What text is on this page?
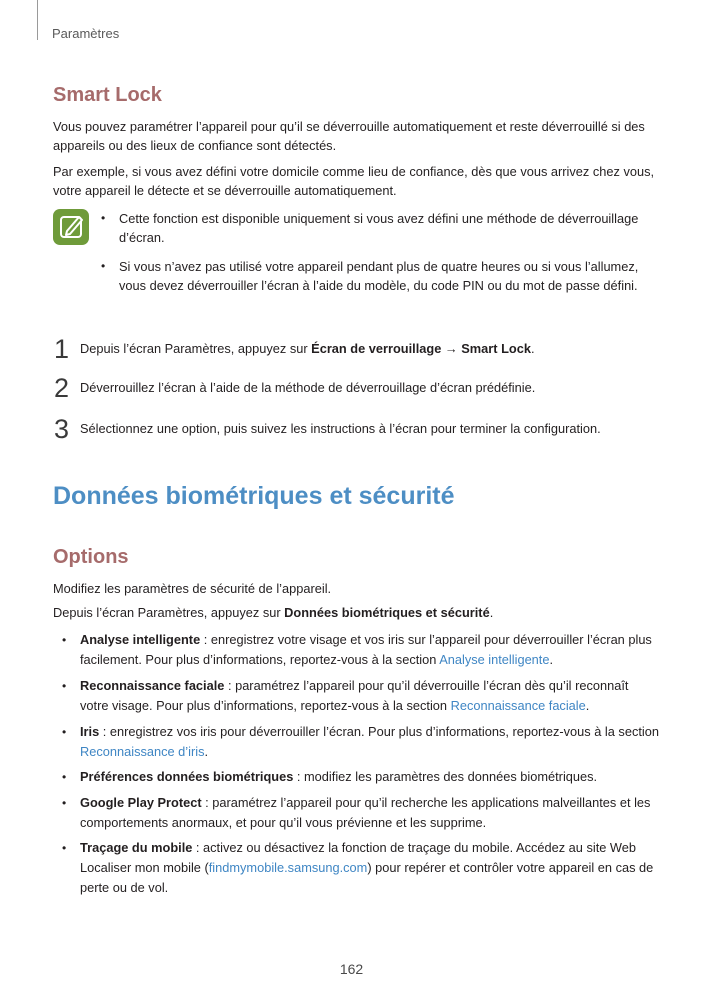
Paramètres
Smart Lock

Vous pouvez paramétrer l’appareil pour qu’il se déverrouille automatiquement et reste déverrouillé si des appareils ou des lieux de confiance sont détectés.

Par exemple, si vous avez défini votre domicile comme lieu de confiance, dès que vous arrivez chez vous, votre appareil le détecte et se déverrouille automatiquement.

• Cette fonction est disponible uniquement si vous avez défini une méthode de déverrouillage d’écran.

• Si vous n’avez pas utilisé votre appareil pendant plus de quatre heures ou si vous l’allumez, vous devez déverrouiller l’écran à l’aide du modèle, du code PIN ou du mot de passe défini.

1 Depuis l’écran Paramètres, appuyez sur Écran de verrouillage → Smart Lock.
2 Déverrouillez l’écran à l’aide de la méthode de déverrouillage d’écran prédéfinie.
3 Sélectionnez une option, puis suivez les instructions à l’écran pour terminer la configuration.
Données biométriques et sécurité
Options

Modifiez les paramètres de sécurité de l’appareil.

Depuis l’écran Paramètres, appuyez sur Données biométriques et sécurité.

• Analyse intelligente : enregistrez votre visage et vos iris sur l’appareil pour déverrouiller l’écran plus facilement. Pour plus d’informations, reportez-vous à la section Analyse intelligente.

• Reconnaissance faciale : paramétrez l’appareil pour qu’il déverrouille l’écran dès qu’il reconnaît votre visage. Pour plus d’informations, reportez-vous à la section Reconnaissance faciale.

• Iris : enregistrez vos iris pour déverrouiller l’écran. Pour plus d’informations, reportez-vous à la section Reconnaissance d’iris.

• Préférences données biométriques : modifiez les paramètres des données biométriques.

• Google Play Protect : paramétrez l’appareil pour qu’il recherche les applications malveillantes et les comportements anormaux, et pour qu’il vous prévienne et les supprime.

• Traçage du mobile : activez ou désactivez la fonction de traçage du mobile. Accédez au site Web Localiser mon mobile (findmymobile.samsung.com) pour repérer et contrôler votre appareil en cas de perte ou de vol.

162
